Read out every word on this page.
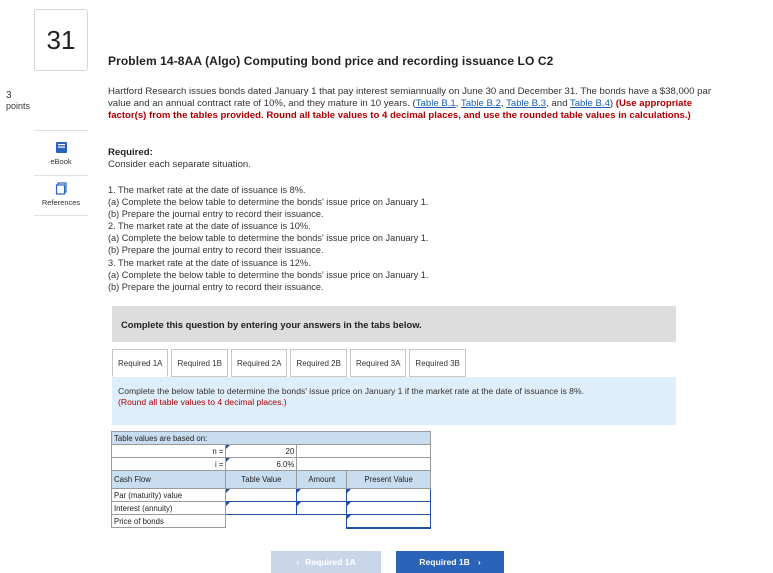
31
3
points
eBook
References
Problem 14-8AA (Algo) Computing bond price and recording issuance LO C2
Hartford Research issues bonds dated January 1 that pay interest semiannually on June 30 and December 31. The bonds have a $38,000 par value and an annual contract rate of 10%, and they mature in 10 years. (Table B.1, Table B.2, Table B.3, and Table B.4) (Use appropriate factor(s) from the tables provided. Round all table values to 4 decimal places, and use the rounded table values in calculations.)
Required:
Consider each separate situation.
1. The market rate at the date of issuance is 8%.
(a) Complete the below table to determine the bonds' issue price on January 1.
(b) Prepare the journal entry to record their issuance.
2. The market rate at the date of issuance is 10%.
(a) Complete the below table to determine the bonds' issue price on January 1.
(b) Prepare the journal entry to record their issuance.
3. The market rate at the date of issuance is 12%.
(a) Complete the below table to determine the bonds' issue price on January 1.
(b) Prepare the journal entry to record their issuance.
Complete this question by entering your answers in the tabs below.
Required 1A	Required 1B	Required 2A	Required 2B	Required 3A	Required 3B
Complete the below table to determine the bonds' issue price on January 1 if the market rate at the date of issuance is 8%.
(Round all table values to 4 decimal places.)
Table values are based on:			
n =	20		
i =	6.0%		
Cash Flow	Table Value	Amount	Present Value
Par (maturity) value	

Interest (annuity)	

Price of bonds			
‹ Required 1A	Required 1B ›
